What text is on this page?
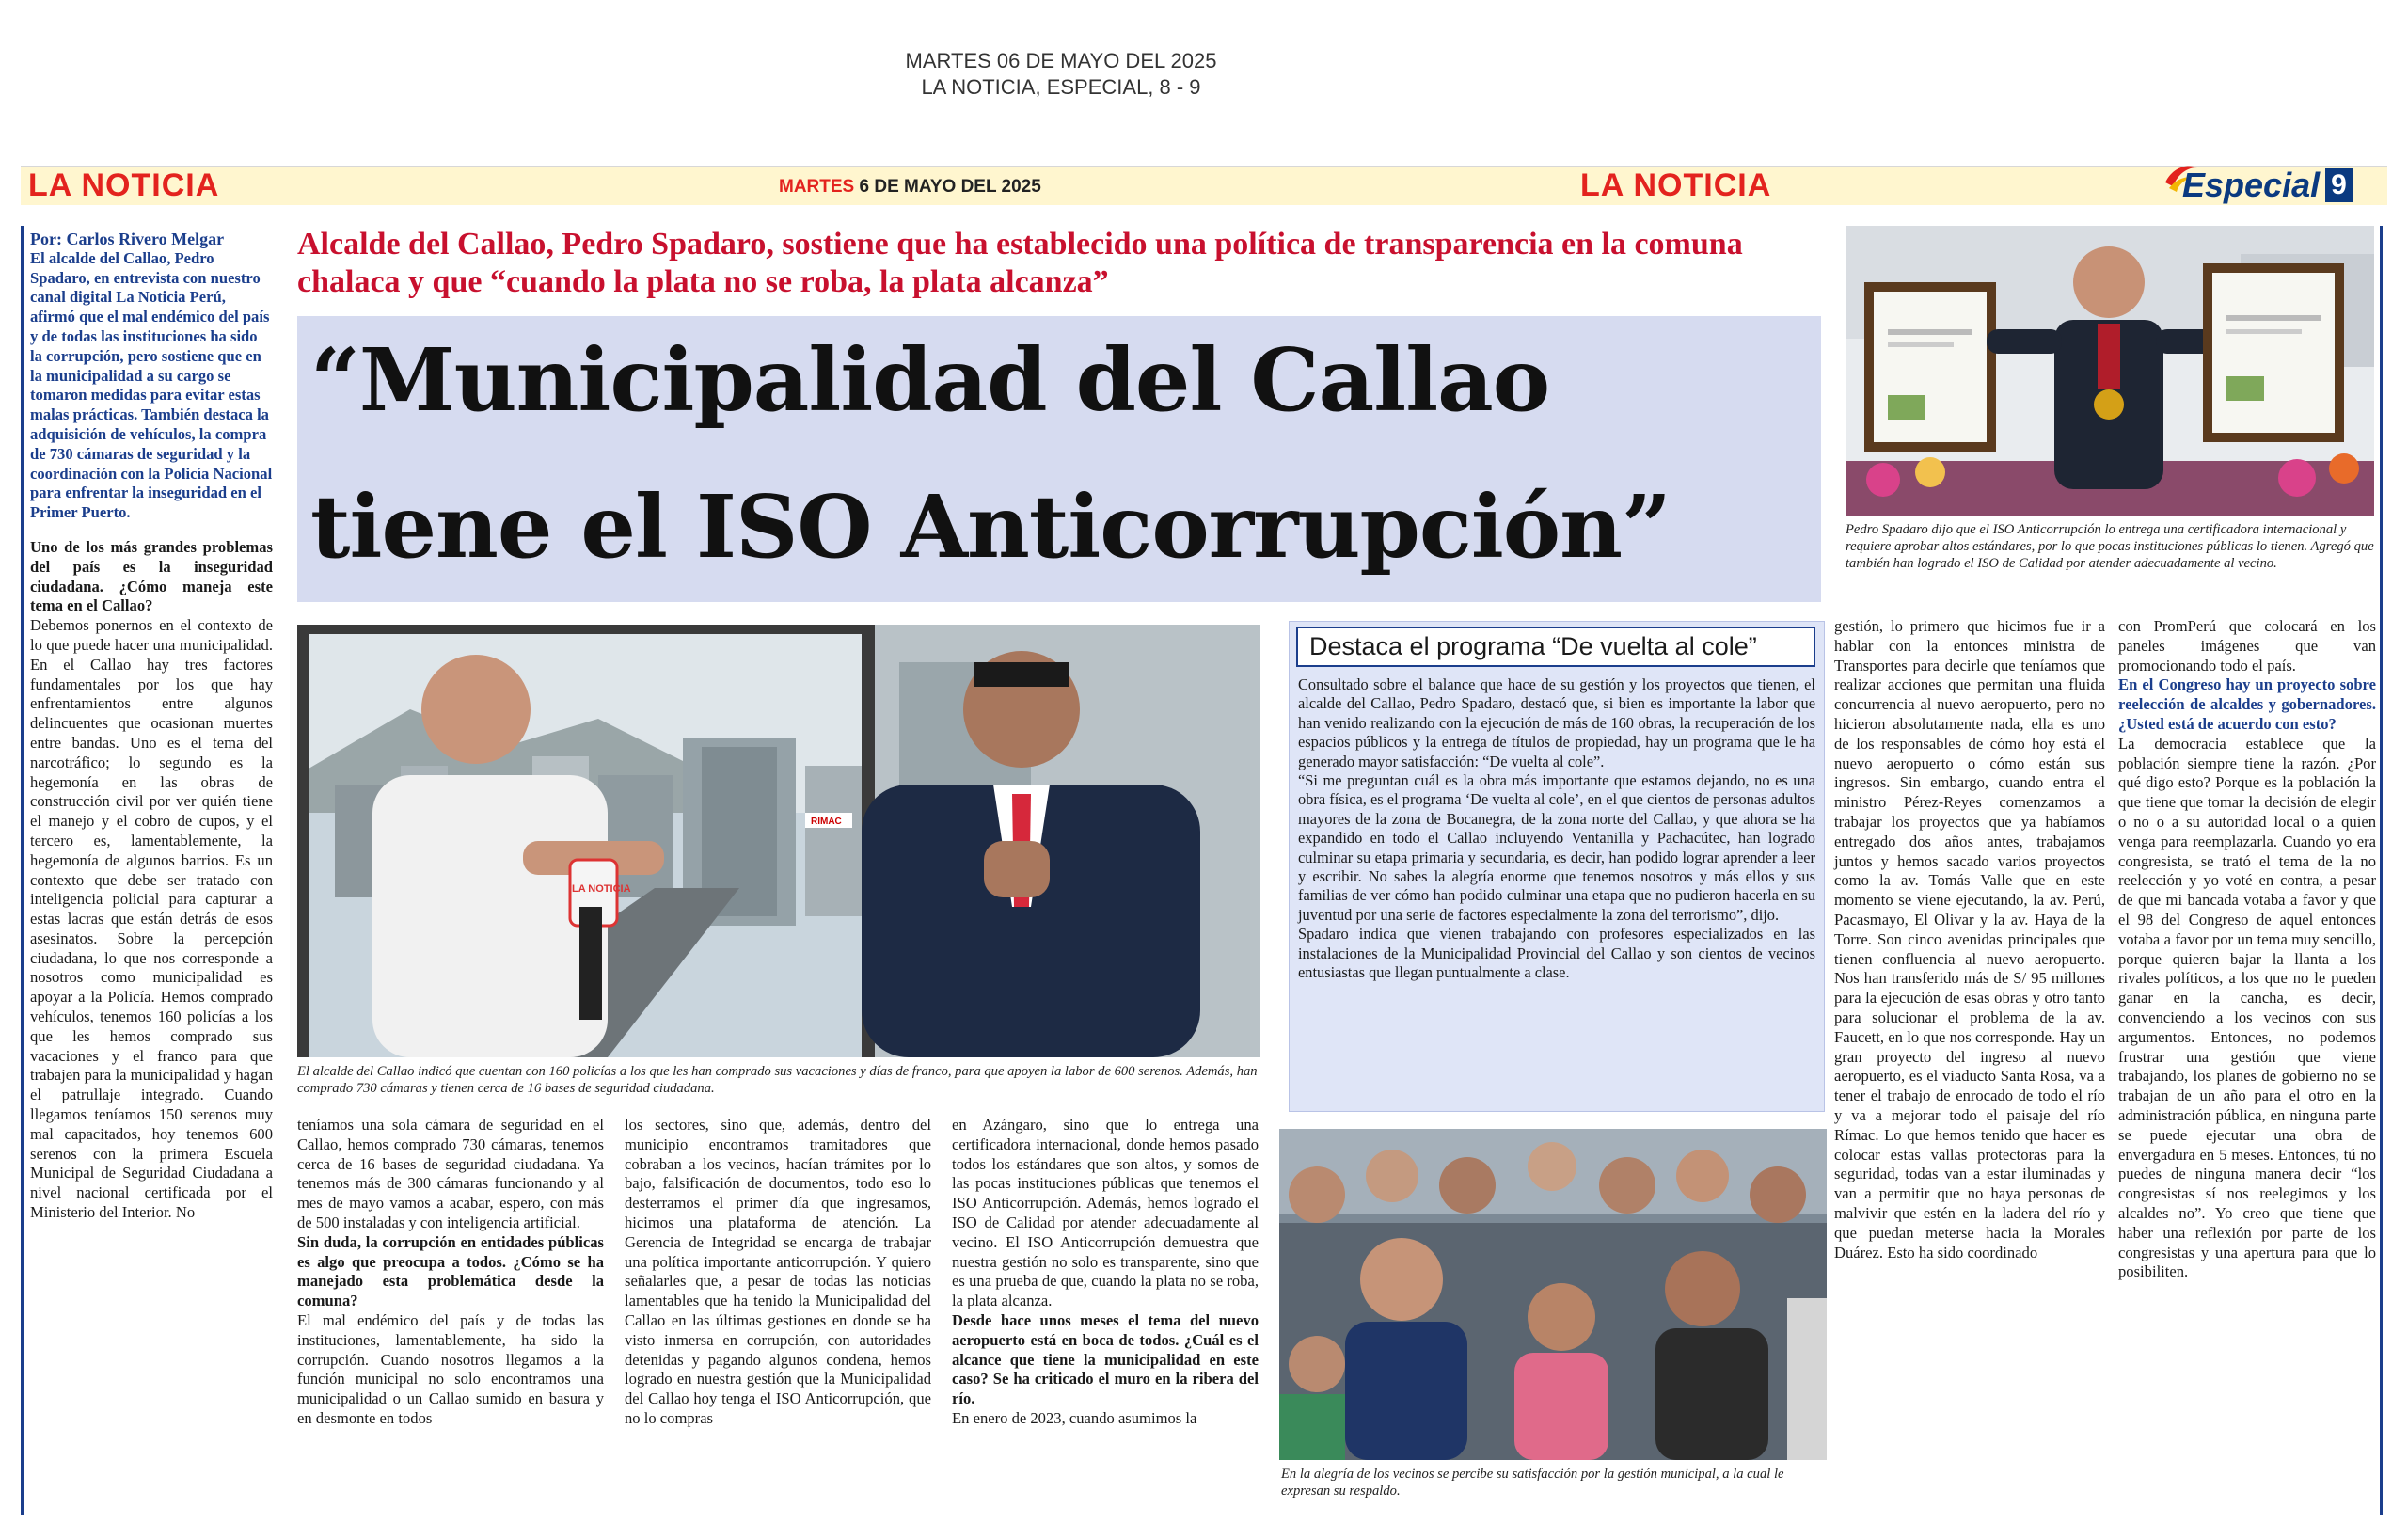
MARTES 06 DE MAYO DEL 2025
LA NOTICIA, ESPECIAL, 8 - 9
LA NOTICIA	MARTES 6 DE MAYO DEL 2025	LA NOTICIA	Especial 9

Por: Carlos Rivero Melgar

El alcalde del Callao, Pedro Spadaro, en entrevista con nuestro canal digital La Noticia Perú, afirmó que el mal endémico del país y de todas las instituciones ha sido la corrupción, pero sostiene que en la municipalidad a su cargo se tomaron medidas para evitar estas malas prácticas. También destaca la adquisición de vehículos, la compra de 730 cámaras de seguridad y la coordinación con la Policía Nacional para enfrentar la inseguridad en el Primer Puerto.

Uno de los más grandes problemas del país es la inseguridad ciudadana. ¿Cómo maneja este tema en el Callao?

Debemos ponernos en el contexto de lo que puede hacer una municipalidad. En el Callao hay tres factores fundamentales por los que hay enfrentamientos entre algunos delincuentes que ocasionan muertes entre bandas. Uno es el tema del narcotráfico; lo segundo es la hegemonía en las obras de construcción civil por ver quién tiene el manejo y el cobro de cupos, y el tercero es, lamentablemente, la hegemonía de algunos barrios. Es un contexto que debe ser tratado con inteligencia policial para capturar a estas lacras que están detrás de esos asesinatos. Sobre la percepción ciudadana, lo que nos corresponde a nosotros como municipalidad es apoyar a la Policía. Hemos comprado vehículos, tenemos 160 policías a los que les hemos comprado sus vacaciones y el franco para que trabajen para la municipalidad y hagan el patrullaje integrado. Cuando llegamos teníamos 150 serenos muy mal capacitados, hoy tenemos 600 serenos con la primera Escuela Municipal de Seguridad Ciudadana a nivel nacional certificada por el Ministerio del Interior. No

Alcalde del Callao, Pedro Spadaro, sostiene que ha establecido una política de transparencia en la comuna chalaca y que “cuando la plata no se roba, la plata alcanza”
“Municipalidad del Callao
tiene el ISO Anticorrupción”	Pedro Spadaro dijo que el ISO Anticorrupción lo entrega una certificadora internacional y requiere aprobar altos estándares, por lo que pocas instituciones públicas lo tienen. Agregó que también han logrado el ISO de Calidad por atender adecuadamente al vecino.
LA NOTICIA
RIMAC
El alcalde del Callao indicó que cuentan con 160 policías a los que les han comprado sus vacaciones y días de franco, para que apoyen la labor de 600 serenos. Además, han comprado 730 cámaras y tienen cerca de 16 bases de seguridad ciudadana.

teníamos una sola cámara de seguridad en el Callao, hemos comprado 730 cámaras, tenemos cerca de 16 bases de seguridad ciudadana. Ya tenemos más de 300 cámaras funcionando y al mes de mayo vamos a acabar, espero, con más de 500 instaladas y con inteligencia artificial.

Sin duda, la corrupción en entidades públicas es algo que preocupa a todos. ¿Cómo se ha manejado esta problemática desde la comuna?

El mal endémico del país y de todas las instituciones, lamentablemente, ha sido la corrupción. Cuando nosotros llegamos a la función municipal no solo encontramos una municipalidad o un Callao sumido en basura y en desmonte en todos

los sectores, sino que, además, dentro del municipio encontramos tramitadores que cobraban a los vecinos, hacían trámites por lo bajo, falsificación de documentos, todo eso lo desterramos el primer día que ingresamos, hicimos una plataforma de atención. La Gerencia de Integridad se encarga de trabajar una política importante anticorrupción. Y quiero señalarles que, a pesar de todas las noticias lamentables que ha tenido la Municipalidad del Callao en las últimas gestiones en donde se ha visto inmersa en corrupción, con autoridades detenidas y pagando algunos condena, hemos logrado en nuestra gestión que la Municipalidad del Callao hoy tenga el ISO Anticorrupción, que no lo compras

en Azángaro, sino que lo entrega una certificadora internacional, donde hemos pasado todos los estándares que son altos, y somos de las pocas instituciones públicas que tenemos el ISO Anticorrupción. Además, hemos logrado el ISO de Calidad por atender adecuadamente al vecino. El ISO Anticorrupción demuestra que nuestra gestión no solo es transparente, sino que es una prueba de que, cuando la plata no se roba, la plata alcanza.

Desde hace unos meses el tema del nuevo aeropuerto está en boca de todos. ¿Cuál es el alcance que tiene la municipalidad en este caso? Se ha criticado el muro en la ribera del río.

En enero de 2023, cuando asumimos la

Destaca el programa “De vuelta al cole”

Consultado sobre el balance que hace de su gestión y los proyectos que tienen, el alcalde del Callao, Pedro Spadaro, destacó que, si bien es importante la labor que han venido realizando con la ejecución de más de 160 obras, la recuperación de los espacios públicos y la entrega de títulos de propiedad, hay un programa que le ha generado mayor satisfacción: “De vuelta al cole”.

“Si me preguntan cuál es la obra más importante que estamos dejando, no es una obra física, es el programa ‘De vuelta al cole’, en el que cientos de personas adultos mayores de la zona de Bocanegra, de la zona norte del Callao, y que ahora se ha expandido en todo el Callao incluyendo Ventanilla y Pachacútec, han logrado culminar su etapa primaria y secundaria, es decir, han podido lograr aprender a leer y escribir. No sabes la alegría enorme que tenemos nosotros y más ellos y sus familias de ver cómo han podido culminar una etapa que no pudieron hacerla en su juventud por una serie de factores especialmente la zona del terrorismo”, dijo.

Spadaro indica que vienen trabajando con profesores especializados en las instalaciones de la Municipalidad Provincial del Callao y son cientos de vecinos entusiastas que llegan puntualmente a clase.

En la alegría de los vecinos se percibe su satisfacción por la gestión municipal, a la cual le expresan su respaldo.

gestión, lo primero que hicimos fue ir a hablar con la entonces ministra de Transportes para decirle que teníamos que realizar acciones que permitan una fluida concurrencia al nuevo aeropuerto, pero no hicieron absolutamente nada, ella es uno de los responsables de cómo hoy está el nuevo aeropuerto o cómo están sus ingresos. Sin embargo, cuando entra el ministro Pérez-Reyes comenzamos a trabajar los proyectos que ya habíamos entregado dos años antes, trabajamos juntos y hemos sacado varios proyectos como la av. Tomás Valle que en este momento se viene ejecutando, la av. Perú, Pacasmayo, El Olivar y la av. Haya de la Torre. Son cinco avenidas principales que tienen confluencia al nuevo aeropuerto. Nos han transferido más de S/ 95 millones para la ejecución de esas obras y otro tanto para solucionar el problema de la av. Faucett, en lo que nos corresponde. Hay un gran proyecto del ingreso al nuevo aeropuerto, es el viaducto Santa Rosa, va a tener el trabajo de enrocado de todo el río y va a mejorar todo el paisaje del río Rímac. Lo que hemos tenido que hacer es colocar estas vallas protectoras para la seguridad, todas van a estar iluminadas y van a permitir que no haya personas de malvivir que estén en la ladera del río y que puedan meterse hacia la Morales Duárez. Esto ha sido coordinado

con PromPerú que colocará en los paneles imágenes que van promocionando todo el país.

En el Congreso hay un proyecto sobre reelección de alcaldes y gobernadores. ¿Usted está de acuerdo con esto?

La democracia establece que la población siempre tiene la razón. ¿Por qué digo esto? Porque es la población la que tiene que tomar la decisión de elegir o no o a su autoridad local o a quien venga para reemplazarla. Cuando yo era congresista, se trató el tema de la no reelección y yo voté en contra, a pesar de que mi bancada votaba a favor y que el 98 del Congreso de aquel entonces votaba a favor por un tema muy sencillo, porque quieren bajar la llanta a los rivales políticos, a los que no le pueden ganar en la cancha, es decir, convenciendo a los vecinos con sus argumentos. Entonces, no podemos frustrar una gestión que viene trabajando, los planes de gobierno no se trabajan de un año para el otro en la administración pública, en ninguna parte se puede ejecutar una obra de envergadura en 5 meses. Entonces, tú no puedes de ninguna manera decir “los congresistas sí nos reelegimos y los alcaldes no”. Yo creo que tiene que haber una reflexión por parte de los congresistas y una apertura para que lo posibiliten.
